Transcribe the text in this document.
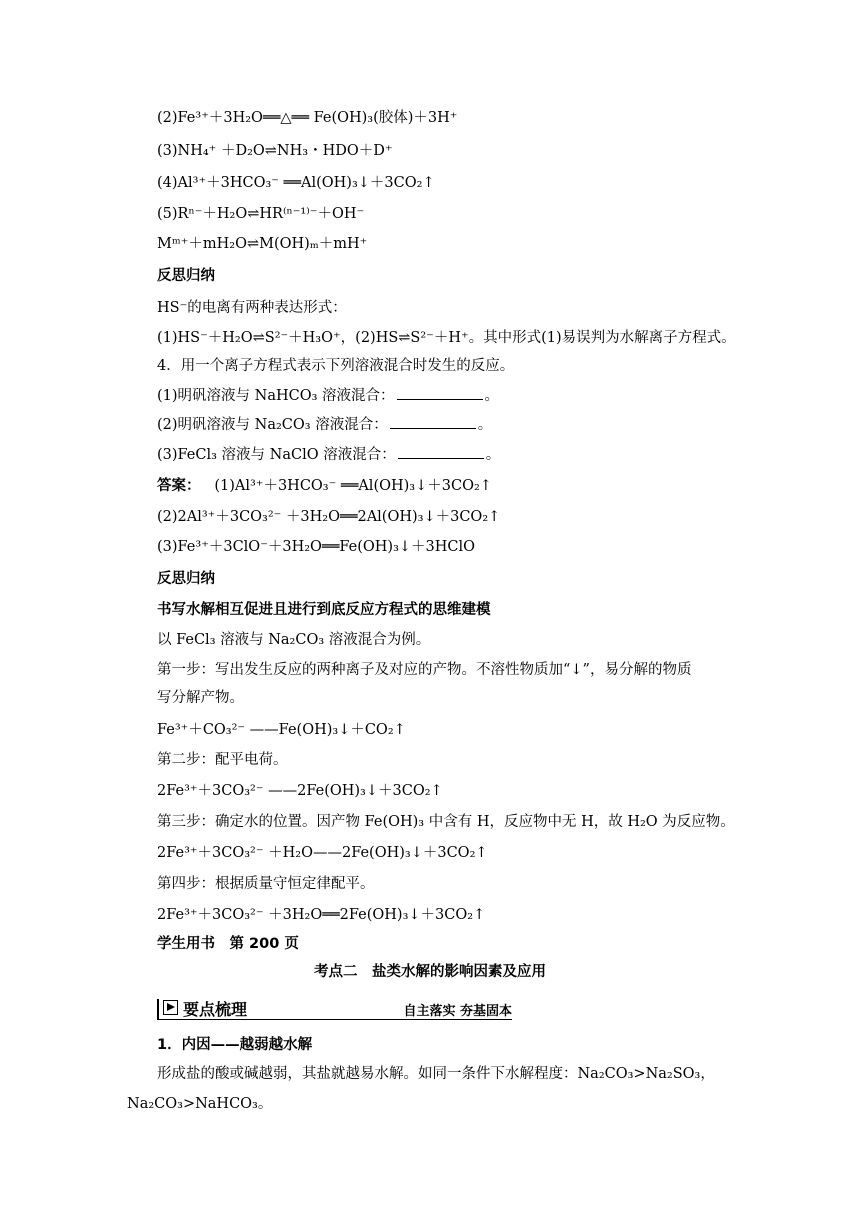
(2)Fe³⁺＋3H₂O══△══ Fe(OH)₃(胶体)＋3H⁺
(3)NH₄⁺ ＋D₂O⇌NH₃・HDO＋D⁺
(4)Al³⁺＋3HCO₃⁻ ══Al(OH)₃↓＋3CO₂↑
(5)Rⁿ⁻＋H₂O⇌HR⁽ⁿ⁻¹⁾⁻＋OH⁻
Mᵐ⁺＋mH₂O⇌M(OH)ₘ＋mH⁺
反思归纳
HS⁻的电离有两种表达形式：
(1)HS⁻＋H₂O⇌S²⁻＋H₃O⁺，(2)HS⇌S²⁻＋H⁺。其中形式(1)易误判为水解离子方程式。
4．用一个离子方程式表示下列溶液混合时发生的反应。
(1)明矾溶液与 NaHCO₃ 溶液混合：	。
(2)明矾溶液与 Na₂CO₃ 溶液混合：	。
(3)FeCl₃ 溶液与 NaClO 溶液混合：	。
答案： (1)Al³⁺＋3HCO₃⁻ ══Al(OH)₃↓＋3CO₂↑
(2)2Al³⁺＋3CO₃²⁻ ＋3H₂O══2Al(OH)₃↓＋3CO₂↑
(3)Fe³⁺＋3ClO⁻＋3H₂O══Fe(OH)₃↓＋3HClO
反思归纳
书写水解相互促进且进行到底反应方程式的思维建模
以 FeCl₃ 溶液与 Na₂CO₃ 溶液混合为例。
第一步：写出发生反应的两种离子及对应的产物。不溶性物质加“↓”，易分解的物质
写分解产物。
Fe³⁺＋CO₃²⁻ ——Fe(OH)₃↓＋CO₂↑
第二步：配平电荷。
2Fe³⁺＋3CO₃²⁻ ——2Fe(OH)₃↓＋3CO₂↑
第三步：确定水的位置。因产物 Fe(OH)₃ 中含有 H，反应物中无 H，故 H₂O 为反应物。
2Fe³⁺＋3CO₃²⁻ ＋H₂O——2Fe(OH)₃↓＋3CO₂↑
第四步：根据质量守恒定律配平。
2Fe³⁺＋3CO₃²⁻ ＋3H₂O══2Fe(OH)₃↓＋3CO₂↑
学生用书　第 200 页
考点二　盐类水解的影响因素及应用
要点梳理	自主落实 夯基固本
1．内因——越弱越水解
形成盐的酸或碱越弱，其盐就越易水解。如同一条件下水解程度：Na₂CO₃>Na₂SO₃，
Na₂CO₃>NaHCO₃。
